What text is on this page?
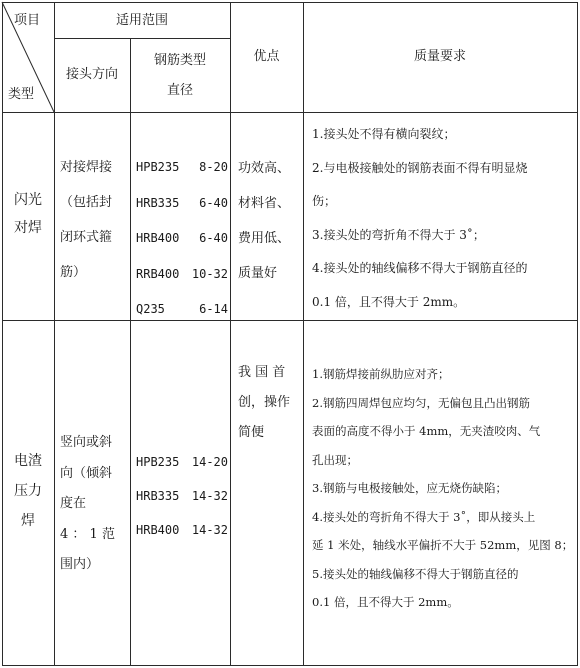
项目
类型
适用范围
接头方向
钢筋类型
直径
优点	质量要求
闪光
对焊
对接焊接
（包括封
闭环式箍
筋）
HPB235 8-20
HRB335 6-40
HRB400 6-40
RRB400 10-32
Q235	6-14
功效高、
材料省、
费用低、
质量好
1.接头处不得有横向裂纹；
2.与电极接触处的钢筋表面不得有明显烧
伤；
3.接头处的弯折角不得大于 3˚；
4.接头处的轴线偏移不得大于钢筋直径的
0.1 倍，且不得大于 2mm。
电渣
压力
焊
竖向或斜
向（倾斜
度在
4 ： 1 范
围内）
HPB235 14-20
HRB335 14-32
HRB400 14-32
我 国 首
创，操作
简便
1.钢筋焊接前纵肋应对齐；
2.钢筋四周焊包应均匀，无偏包且凸出钢筋
表面的高度不得小于 4mm，无夹渣咬肉、气
孔出现；
3.钢筋与电极接触处，应无烧伤缺陷；
4.接头处的弯折角不得大于 3˚，即从接头上
延 1 米处，轴线水平偏折不大于 52mm，见图 8；
5.接头处的轴线偏移不得大于钢筋直径的
0.1 倍，且不得大于 2mm。
